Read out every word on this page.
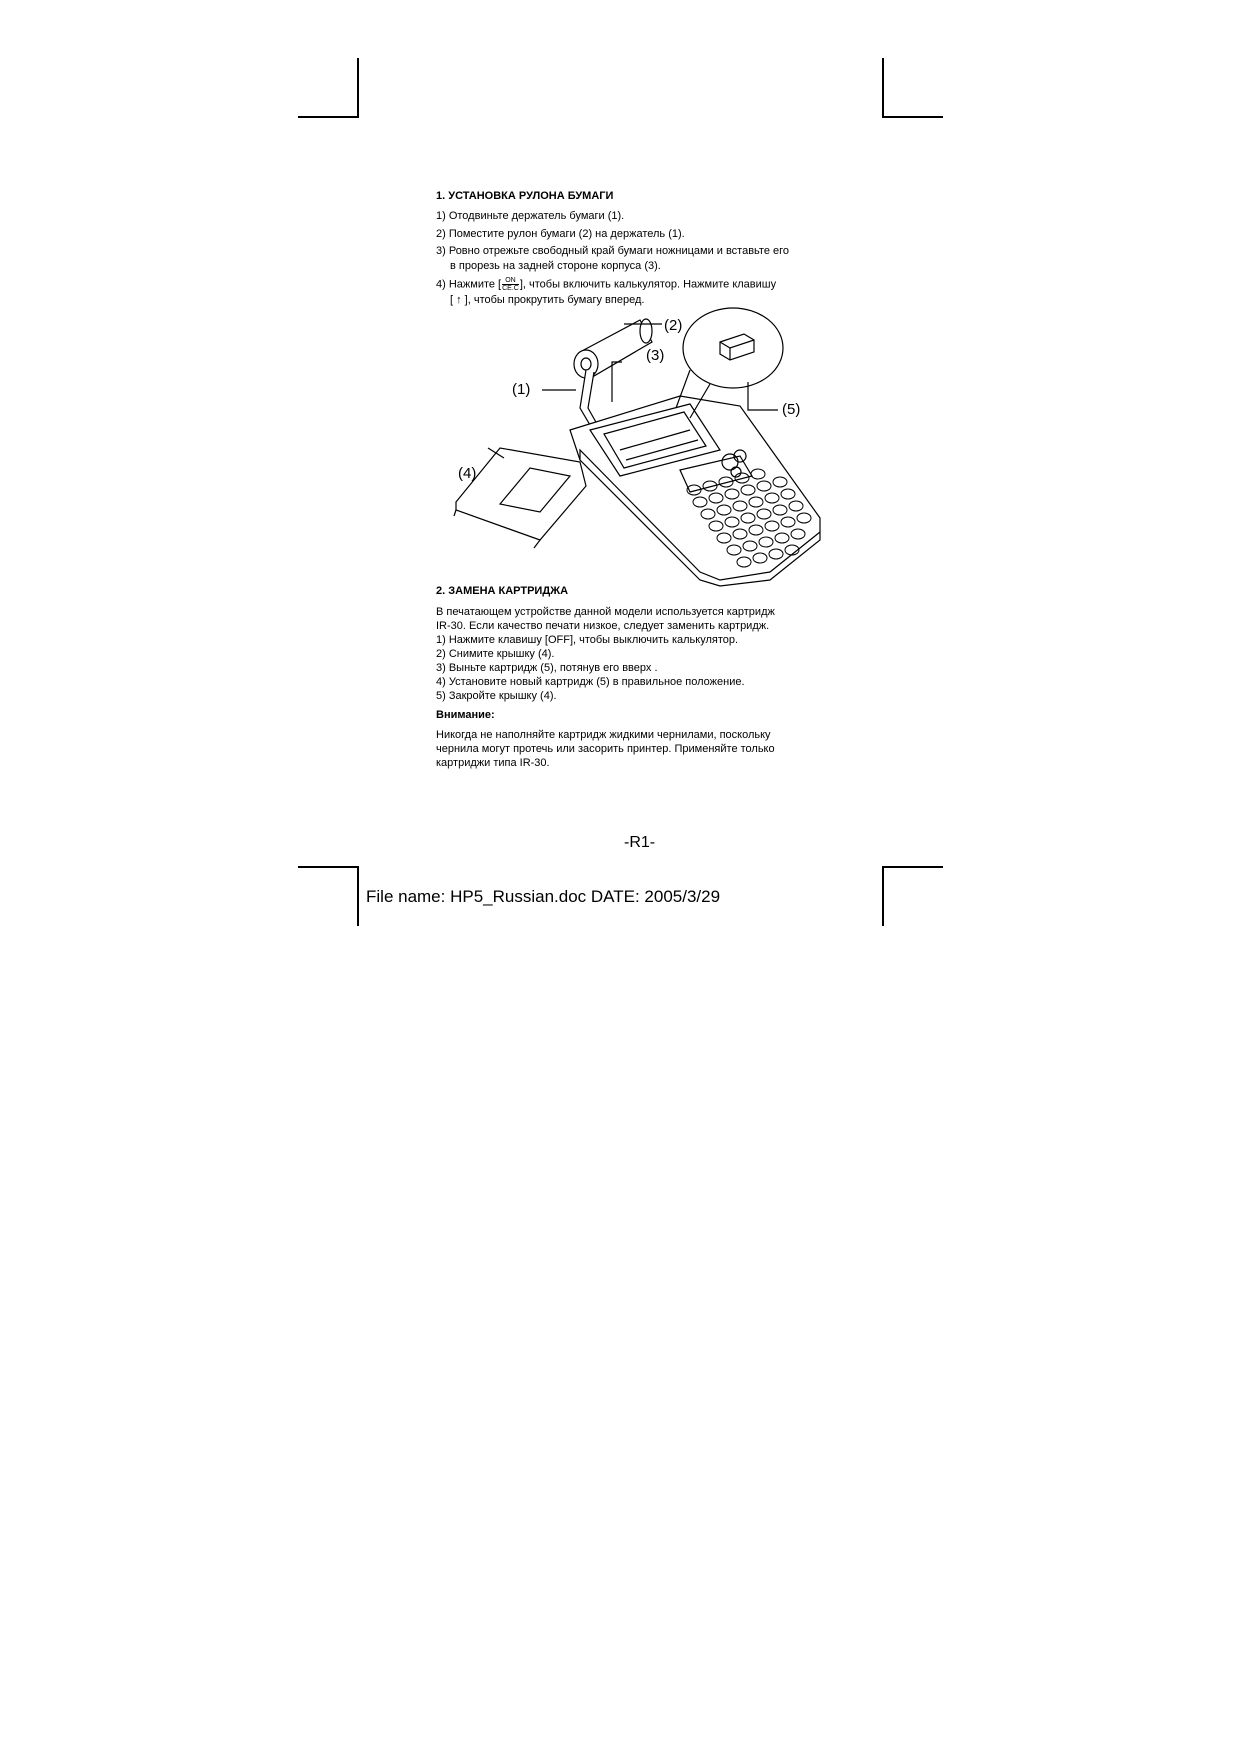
1. УСТАНОВКА РУЛОНА БУМАГИ
1) Отодвиньте держатель бумаги (1).
2) Поместите рулон бумаги (2) на держатель (1).
3) Ровно отрежьте свободный край бумаги ножницами и вставьте его
в прорезь на задней стороне корпуса (3).
4) Нажмите [ $\frac{ON}{CE.C}$ ], чтобы включить калькулятор. Нажмите клавишу
[ ↑ ], чтобы прокрутить бумагу вперед.
(2)
(3)
(1)
(5)
(4)
2. ЗАМЕНА КАРТРИДЖА
В печатающем устройстве данной модели используется картридж
IR-30. Если качество печати низкое, следует заменить картридж.
1) Нажмите клавишу [OFF], чтобы выключить калькулятор.
2) Снимите крышку (4).
3) Выньте картридж (5), потянув его вверх .
4) Установите новый картридж (5) в правильное положение.
5) Закройте крышку (4).
Внимание:
Никогда не наполняйте картридж жидкими чернилами, поскольку
чернила могут протечь или засорить принтер. Применяйте только
картриджи типа IR-30.
-R1-
File name: HP5_Russian.doc DATE: 2005/3/29
